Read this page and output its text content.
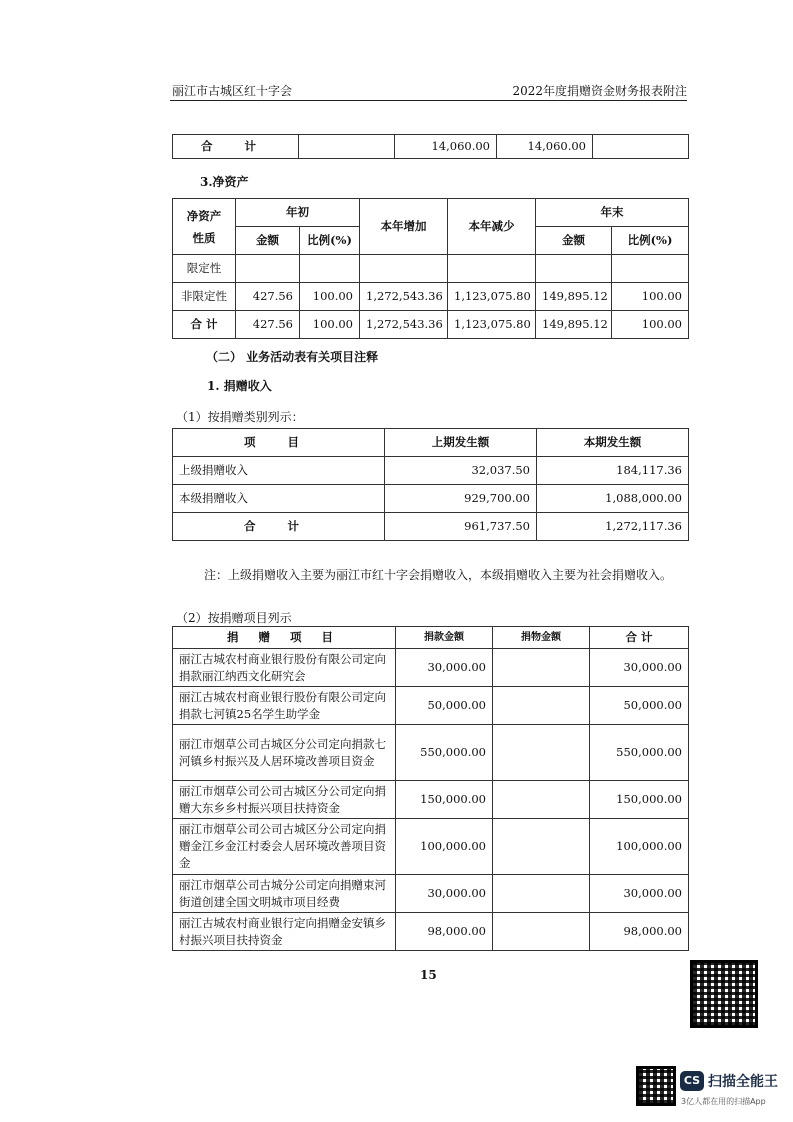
丽江市古城区红十字会	2022年度捐赠资金财务报表附注
合 计		14,060.00	14,060.00	
3.净资产
净资产
性质	年初		本年增加	本年减少	年末	
	金额	比例(%)			金额	比例(%)
限定性						
非限定性	427.56	100.00	1,272,543.36	1,123,075.80	149,895.12	100.00
合 计	427.56	100.00	1,272,543.36	1,123,075.80	149,895.12	100.00
（二） 业务活动表有关项目注释
1. 捐赠收入
（1）按捐赠类别列示：
项 目	上期发生额	本期发生额
上级捐赠收入	32,037.50	184,117.36
本级捐赠收入	929,700.00	1,088,000.00
合 计	961,737.50	1,272,117.36
注：上级捐赠收入主要为丽江市红十字会捐赠收入，本级捐赠收入主要为社会捐赠收入。
（2）按捐赠项目列示
捐 赠 项 目	捐款金额	捐物金额	合 计
丽江古城农村商业银行股份有限公司定向捐款丽江纳西文化研究会	30,000.00		30,000.00
丽江古城农村商业银行股份有限公司定向捐款七河镇25名学生助学金	50,000.00		50,000.00
丽江市烟草公司古城区分公司定向捐款七河镇乡村振兴及人居环境改善项目资金	550,000.00		550,000.00
丽江市烟草公司公司古城区分公司定向捐赠大东乡乡村振兴项目扶持资金	150,000.00		150,000.00
丽江市烟草公司公司古城区分公司定向捐赠金江乡金江村委会人居环境改善项目资金	100,000.00		100,000.00
丽江市烟草公司古城分公司定向捐赠束河街道创建全国文明城市项目经费	30,000.00		30,000.00
丽江古城农村商业银行定向捐赠金安镇乡村振兴项目扶持资金	98,000.00		98,000.00
15
CS 扫描全能王
3亿人都在用的扫描App
